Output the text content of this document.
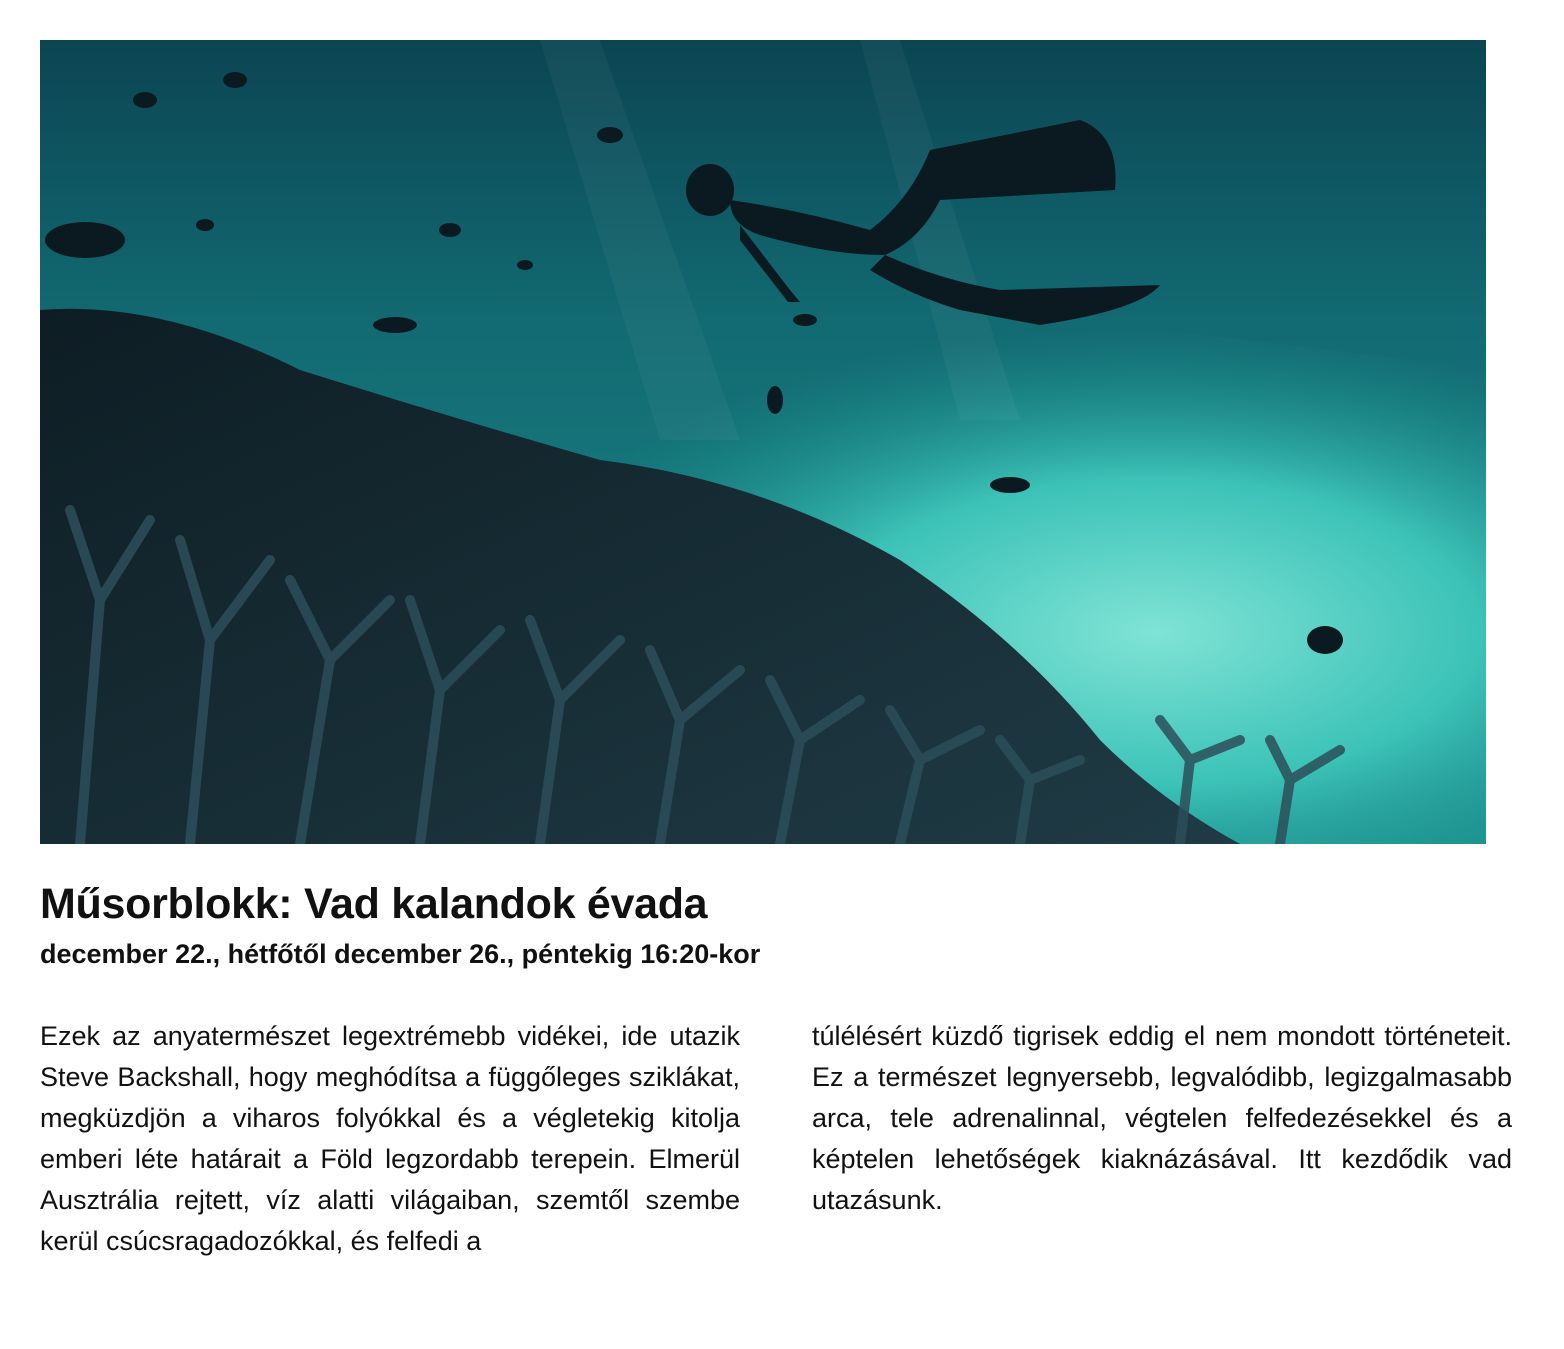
Műsorblokk: Vad kalandok évada

december 22., hétfőtől december 26., péntekig 16:20-kor

Ezek az anyatermészet legextrémebb vidékei, ide utazik Steve Backshall, hogy meghódítsa a függőleges sziklákat, megküzdjön a viharos folyókkal és a végletekig kitolja emberi léte határait a Föld legzordabb terepein. Elmerül Ausztrália rejtett, víz alatti világaiban, szemtől szembe kerül csúcsragadozókkal, és felfedi a

túlélésért küzdő tigrisek eddig el nem mondott történeteit. Ez a természet legnyersebb, legvalódibb, legizgalmasabb arca, tele adrenalinnal, végtelen felfedezésekkel és a képtelen lehetőségek kiaknázásával. Itt kezdődik vad utazásunk.
